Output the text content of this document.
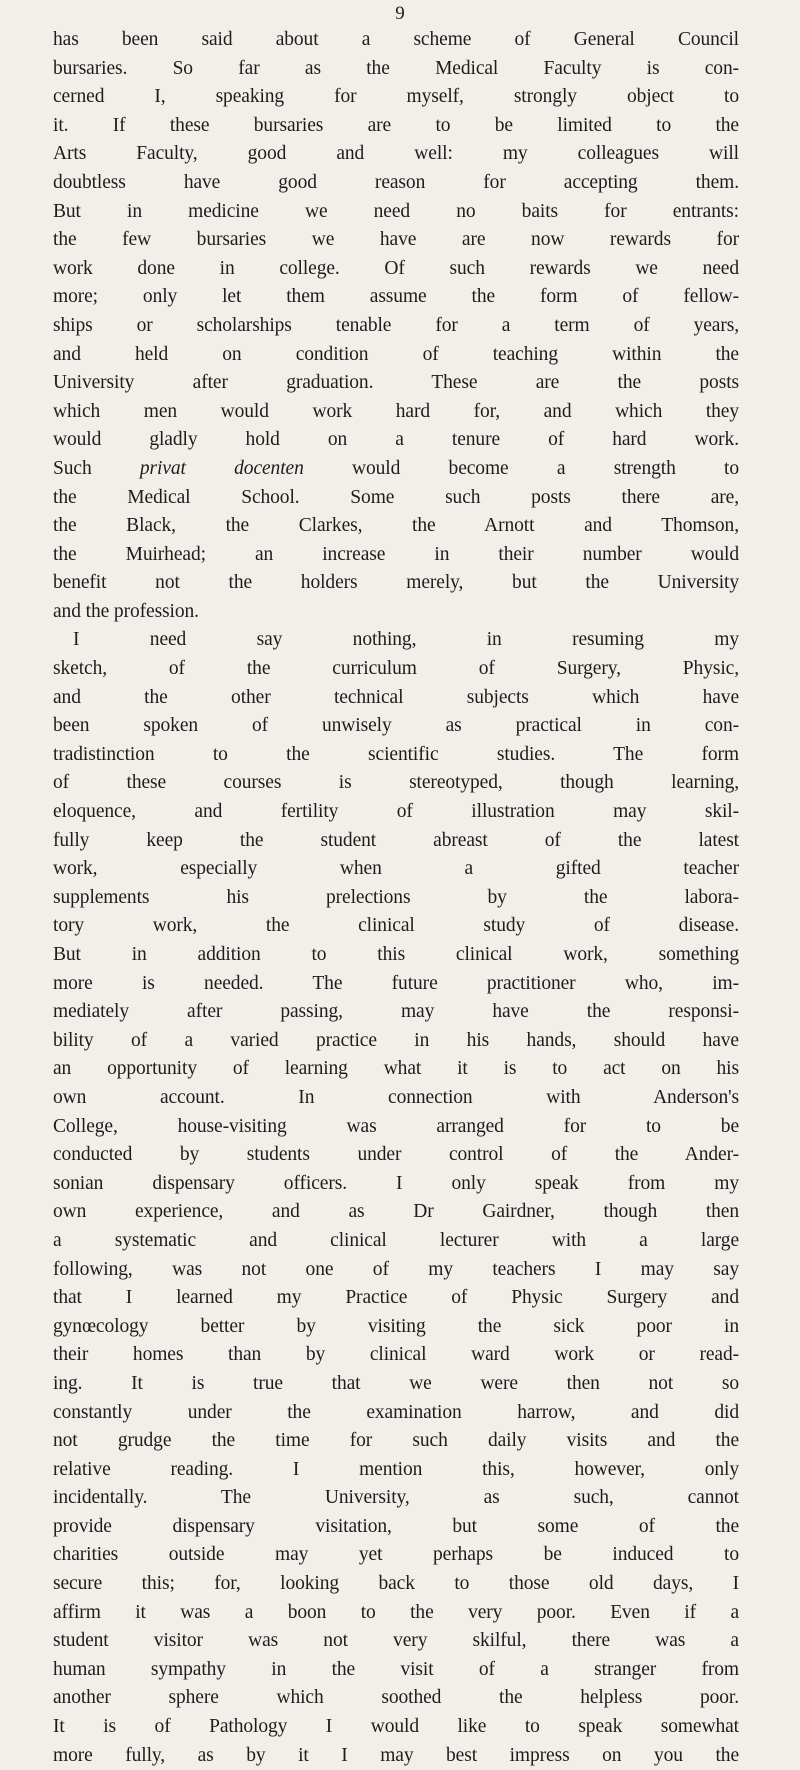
9
has been said about a scheme of General Council
bursaries. So far as the Medical Faculty is con-
cerned I, speaking for myself, strongly object to
it. If these bursaries are to be limited to the
Arts Faculty, good and well: my colleagues will
doubtless have good reason for accepting them.
But in medicine we need no baits for entrants:
the few bursaries we have are now rewards for
work done in college. Of such rewards we need
more; only let them assume the form of fellow-
ships or scholarships tenable for a term of years,
and held on condition of teaching within the
University after graduation. These are the posts
which men would work hard for, and which they
would gladly hold on a tenure of hard work.
Such privat docenten would become a strength to
the Medical School. Some such posts there are,
the Black, the Clarkes, the Arnott and Thomson,
the Muirhead; an increase in their number would
benefit not the holders merely, but the University
and the profession.
I need say nothing, in resuming my
sketch, of the curriculum of Surgery, Physic,
and the other technical subjects which have
been spoken of unwisely as practical in con-
tradistinction to the scientific studies. The form
of these courses is stereotyped, though learning,
eloquence, and fertility of illustration may skil-
fully keep the student abreast of the latest
work, especially when a gifted teacher
supplements his prelections by the labora-
tory work, the clinical study of disease.
But in addition to this clinical work, something
more is needed. The future practitioner who, im-
mediately after passing, may have the responsi-
bility of a varied practice in his hands, should have
an opportunity of learning what it is to act on his
own account. In connection with Anderson's
College, house-visiting was arranged for to be
conducted by students under control of the Ander-
sonian dispensary officers. I only speak from my
own experience, and as Dr Gairdner, though then
a systematic and clinical lecturer with a large
following, was not one of my teachers I may say
that I learned my Practice of Physic Surgery and
gynœcology better by visiting the sick poor in
their homes than by clinical ward work or read-
ing. It is true that we were then not so
constantly under the examination harrow, and did
not grudge the time for such daily visits and the
relative reading. I mention this, however, only
incidentally. The University, as such, cannot
provide dispensary visitation, but some of the
charities outside may yet perhaps be induced to
secure this; for, looking back to those old days, I
affirm it was a boon to the very poor. Even if a
student visitor was not very skilful, there was a
human sympathy in the visit of a stranger from
another sphere which soothed the helpless poor.
It is of Pathology I would like to speak somewhat
more fully, as by it I may best impress on you the
